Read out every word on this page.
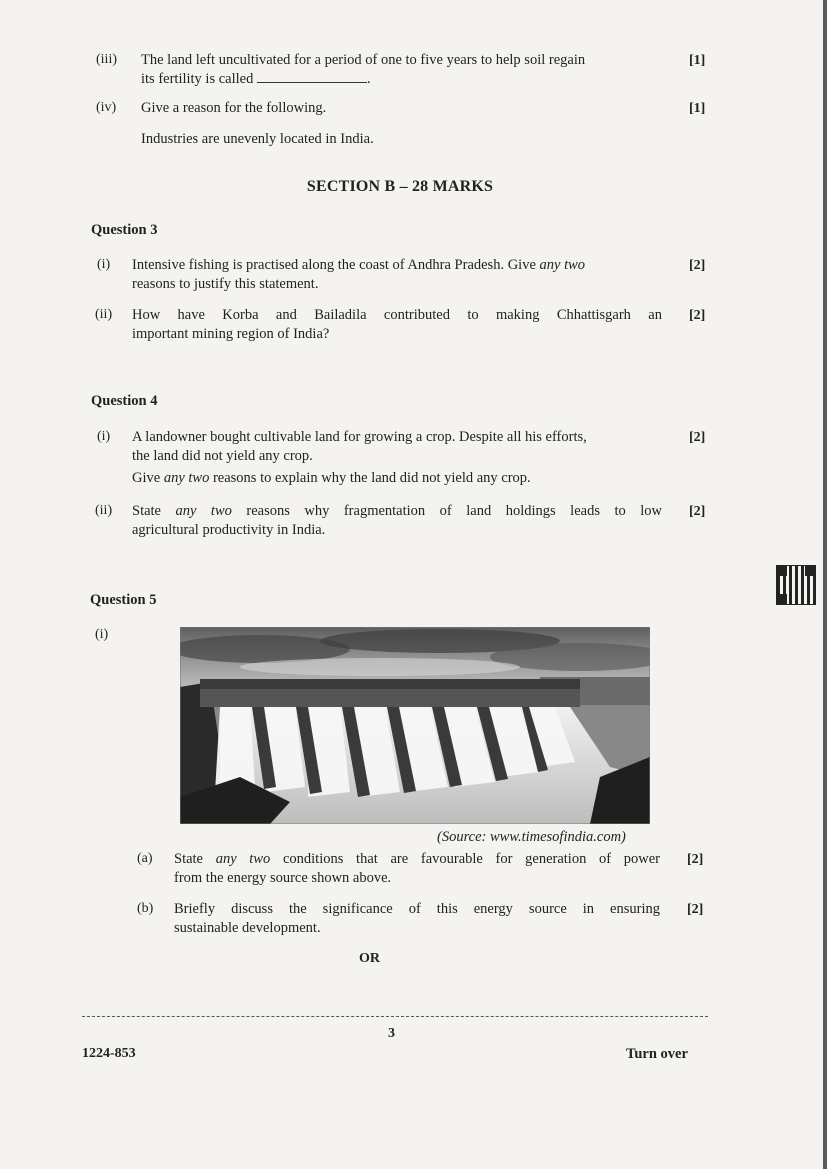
(iii) The land left uncultivated for a period of one to five years to help soil regain
its fertility is called	.
[1]
(iv) Give a reason for the following.
Industries are unevenly located in India.
[1]
SECTION B – 28 MARKS
Question 3
(i) Intensive fishing is practised along the coast of Andhra Pradesh. Give any two
reasons to justify this statement.
[2]
(ii) How have Korba and Bailadila contributed to making Chhattisgarh an
important mining region of India?
[2]
Question 4
(i) A landowner bought cultivable land for growing a crop. Despite all his efforts,
the land did not yield any crop.
Give any two reasons to explain why the land did not yield any crop.
[2]
(ii) State any two reasons why fragmentation of land holdings leads to low
agricultural productivity in India.
[2]
Question 5
(i)
(Source: www.timesofindia.com)
(a) State any two conditions that are favourable for generation of power
from the energy source shown above.
[2]
(b) Briefly discuss the significance of this energy source in ensuring
sustainable development.
[2]
OR
3
1224-853	Turn over
